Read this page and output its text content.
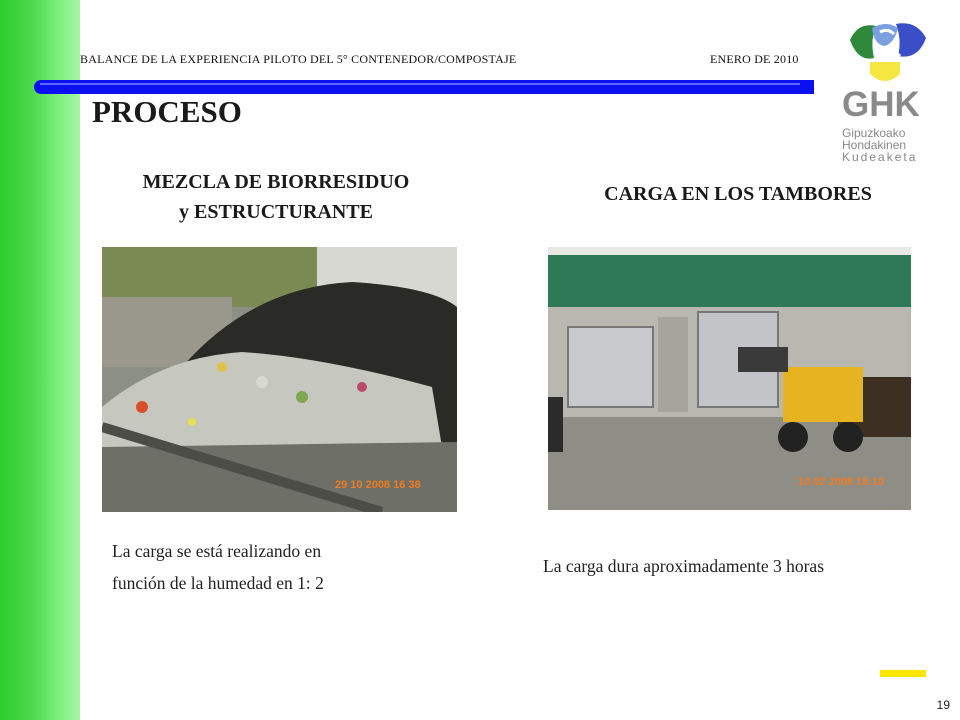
BALANCE DE LA EXPERIENCIA PILOTO DEL 5° CONTENEDOR/COMPOSTAJE	ENERO DE 2010
GHK
Gipuzkoako
Hondakinen
Kudeaketa
PROCESO
MEZCLA DE BIORRESIDUO
y ESTRUCTURANTE
CARGA EN LOS TAMBORES
29 10 2008 16 38	10 02 2008 15:10
La carga se está realizando en
función de la humedad en 1: 2
La carga dura aproximadamente 3 horas
19
